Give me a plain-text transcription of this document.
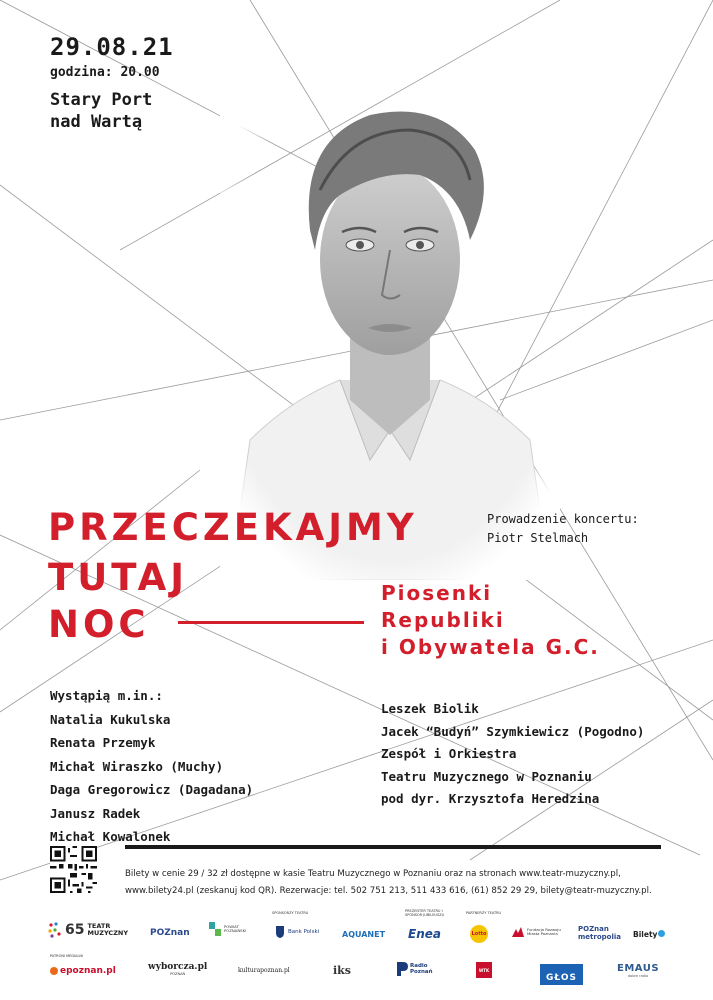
29.08.21
godzina: 20.00
Stary Port
nad Wartą
PRZECZEKAJMY
TUTAJ
NOC
Prowadzenie koncertu:
Piotr Stelmach
Piosenki
Republiki
i Obywatela G.C.
Wystąpią m.in.:
Natalia Kukulska
Renata Przemyk
Michał Wiraszko (Muchy)
Daga Gregorowicz (Dagadana)
Janusz Radek
Michał Kowalonek
Leszek Biolik
Jacek “Budyń” Szymkiewicz (Pogodno)
Zespół i Orkiestra
Teatru Muzycznego w Poznaniu
pod dyr. Krzysztofa Heredzina
Bilety w cenie 29 / 32 zł dostępne w kasie Teatru Muzycznego w Poznaniu oraz na stronach www.teatr-muzyczny.pl,
www.bilety24.pl (zeskanuj kod QR). Rezerwacje: tel. 502 751 213, 511 433 616, (61) 852 29 29, bilety@teatr-muzyczny.pl.
SPONSORZY TEATRU	PREZENTER TEATRU I SPONSOR JUBILEUSZU	PARTNERZY TEATRU
PATRONI MEDIALNI
65 TEATR
MUZYCZNY POZnan
POWIAT
POZNAŃSKI	Bank Polski	AQUANET Enea	Lotto
Fundacja Rozwoju
Miasta Poznania
POZnan
metropolia Bilety
epoznan.pl	wyborcza.pl
POZNAŃ	kulturapoznan.pl	iks	Radio
Poznań	WTK
GŁOS
EMAUS
dobre radio
